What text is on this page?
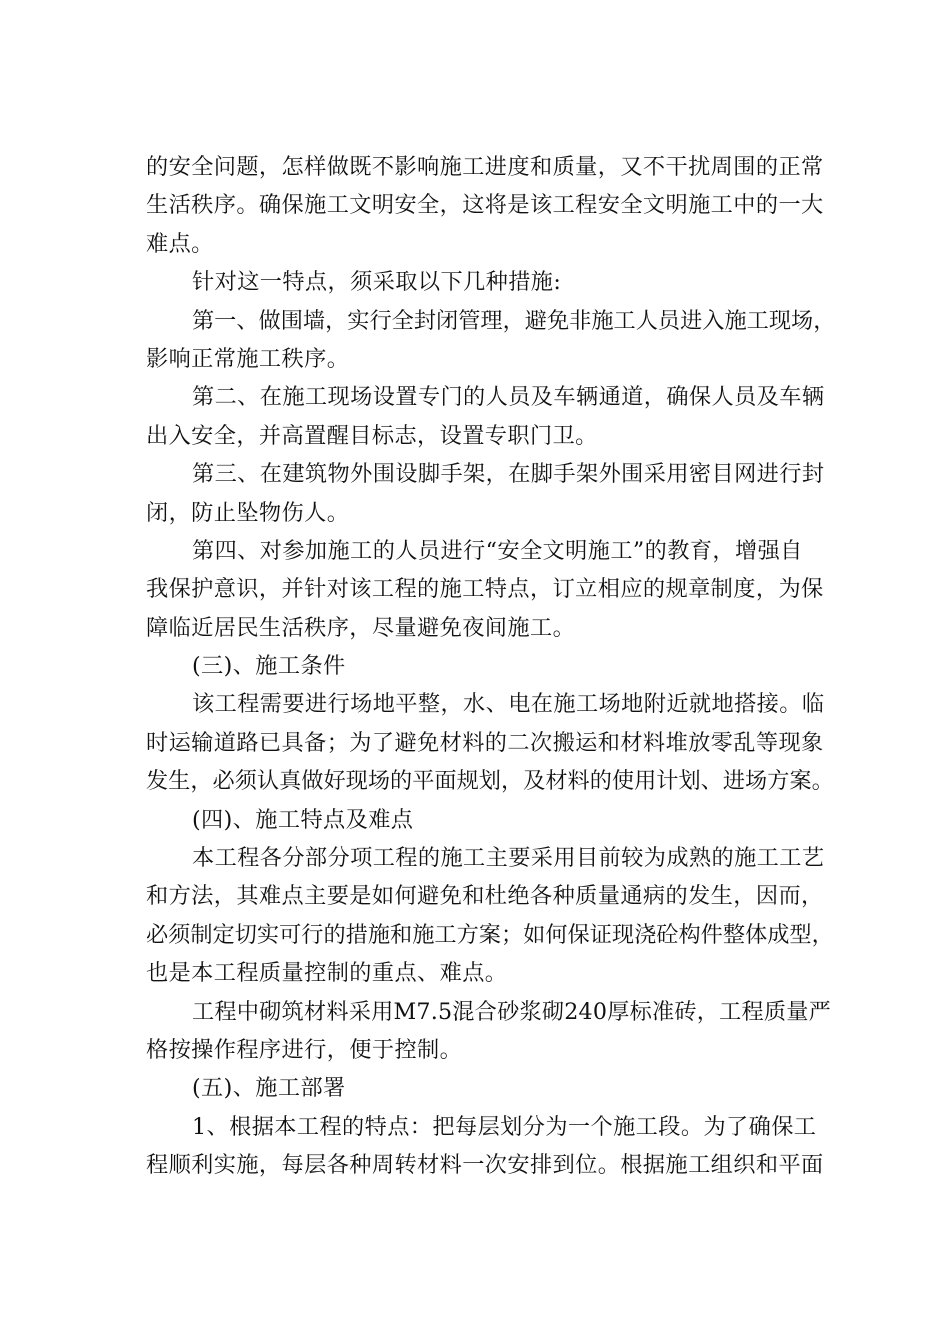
的安全问题，怎样做既不影响施工进度和质量，又不干扰周围的正常
生活秩序。确保施工文明安全，这将是该工程安全文明施工中的一大
难点。
针对这一特点，须采取以下几种措施:
第一、做围墙，实行全封闭管理，避免非施工人员进入施工现场，
影响正常施工秩序。
第二、在施工现场设置专门的人员及车辆通道，确保人员及车辆
出入安全，并高置醒目标志，设置专职门卫。
第三、在建筑物外围设脚手架，在脚手架外围采用密目网进行封
闭，防止坠物伤人。
第四、对参加施工的人员进行“安全文明施工”的教育，增强自
我保护意识，并针对该工程的施工特点，订立相应的规章制度，为保
障临近居民生活秩序，尽量避免夜间施工。
(三)、施工条件
该工程需要进行场地平整，水、电在施工场地附近就地搭接。临
时运输道路已具备；为了避免材料的二次搬运和材料堆放零乱等现象
发生，必须认真做好现场的平面规划，及材料的使用计划、进场方案。
(四)、施工特点及难点
本工程各分部分项工程的施工主要采用目前较为成熟的施工工艺
和方法，其难点主要是如何避免和杜绝各种质量通病的发生，因而，
必须制定切实可行的措施和施工方案；如何保证现浇砼构件整体成型，
也是本工程质量控制的重点、难点。
工程中砌筑材料采用M7.5混合砂浆砌240厚标准砖，工程质量严
格按操作程序进行，便于控制。
(五)、施工部署
1、根据本工程的特点：把每层划分为一个施工段。为了确保工
程顺利实施，每层各种周转材料一次安排到位。根据施工组织和平面
